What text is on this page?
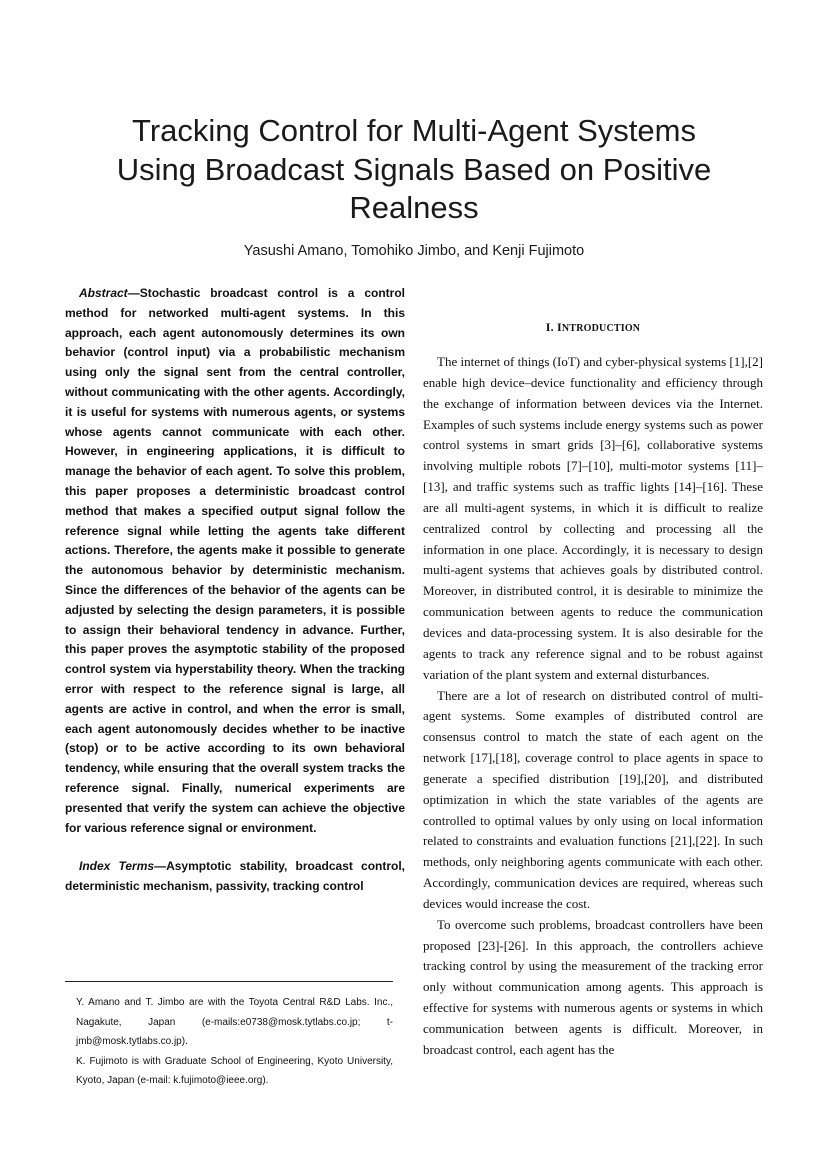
Tracking Control for Multi-Agent Systems
Using Broadcast Signals Based on Positive
Realness
Yasushi Amano, Tomohiko Jimbo, and Kenji Fujimoto

Abstract—Stochastic broadcast control is a control method for networked multi-agent systems. In this approach, each agent autonomously determines its own behavior (control input) via a probabilistic mechanism using only the signal sent from the central controller, without communicating with the other agents. Accordingly, it is useful for systems with numerous agents, or systems whose agents cannot communicate with each other. However, in engineering applications, it is difficult to manage the behavior of each agent. To solve this problem, this paper proposes a deterministic broadcast control method that makes a specified output signal follow the reference signal while letting the agents take different actions. Therefore, the agents make it possible to generate the autonomous behavior by deterministic mechanism. Since the differences of the behavior of the agents can be adjusted by selecting the design parameters, it is possible to assign their behavioral tendency in advance. Further, this paper proves the asymptotic stability of the proposed control system via hyperstability theory. When the tracking error with respect to the reference signal is large, all agents are active in control, and when the error is small, each agent autonomously decides whether to be inactive (stop) or to be active according to its own behavioral tendency, while ensuring that the overall system tracks the reference signal. Finally, numerical experiments are presented that verify the system can achieve the objective for various reference signal or environment.

Index Terms—Asymptotic stability, broadcast control, deterministic mechanism, passivity, tracking control

Y. Amano and T. Jimbo are with the Toyota Central R&D Labs. Inc., Nagakute, Japan (e-mails:e0738@mosk.tytlabs.co.jp; t-jmb@mosk.tytlabs.co.jp).

K. Fujimoto is with Graduate School of Engineering, Kyoto University, Kyoto, Japan (e-mail: k.fujimoto@ieee.org).

I. INTRODUCTION

The internet of things (IoT) and cyber-physical systems [1],[2] enable high device–device functionality and efficiency through the exchange of information between devices via the Internet. Examples of such systems include energy systems such as power control systems in smart grids [3]–[6], collaborative systems involving multiple robots [7]–[10], multi-motor systems [11]–[13], and traffic systems such as traffic lights [14]–[16]. These are all multi-agent systems, in which it is difficult to realize centralized control by collecting and processing all the information in one place. Accordingly, it is necessary to design multi-agent systems that achieves goals by distributed control. Moreover, in distributed control, it is desirable to minimize the communication between agents to reduce the communication devices and data-processing system. It is also desirable for the agents to track any reference signal and to be robust against variation of the plant system and external disturbances.

There are a lot of research on distributed control of multi-agent systems. Some examples of distributed control are consensus control to match the state of each agent on the network [17],[18], coverage control to place agents in space to generate a specified distribution [19],[20], and distributed optimization in which the state variables of the agents are controlled to optimal values by only using on local information related to constraints and evaluation functions [21],[22]. In such methods, only neighboring agents communicate with each other. Accordingly, communication devices are required, whereas such devices would increase the cost.

To overcome such problems, broadcast controllers have been proposed [23]-[26]. In this approach, the controllers achieve tracking control by using the measurement of the tracking error only without communication among agents. This approach is effective for systems with numerous agents or systems in which communication between agents is difficult. Moreover, in broadcast control, each agent has the
